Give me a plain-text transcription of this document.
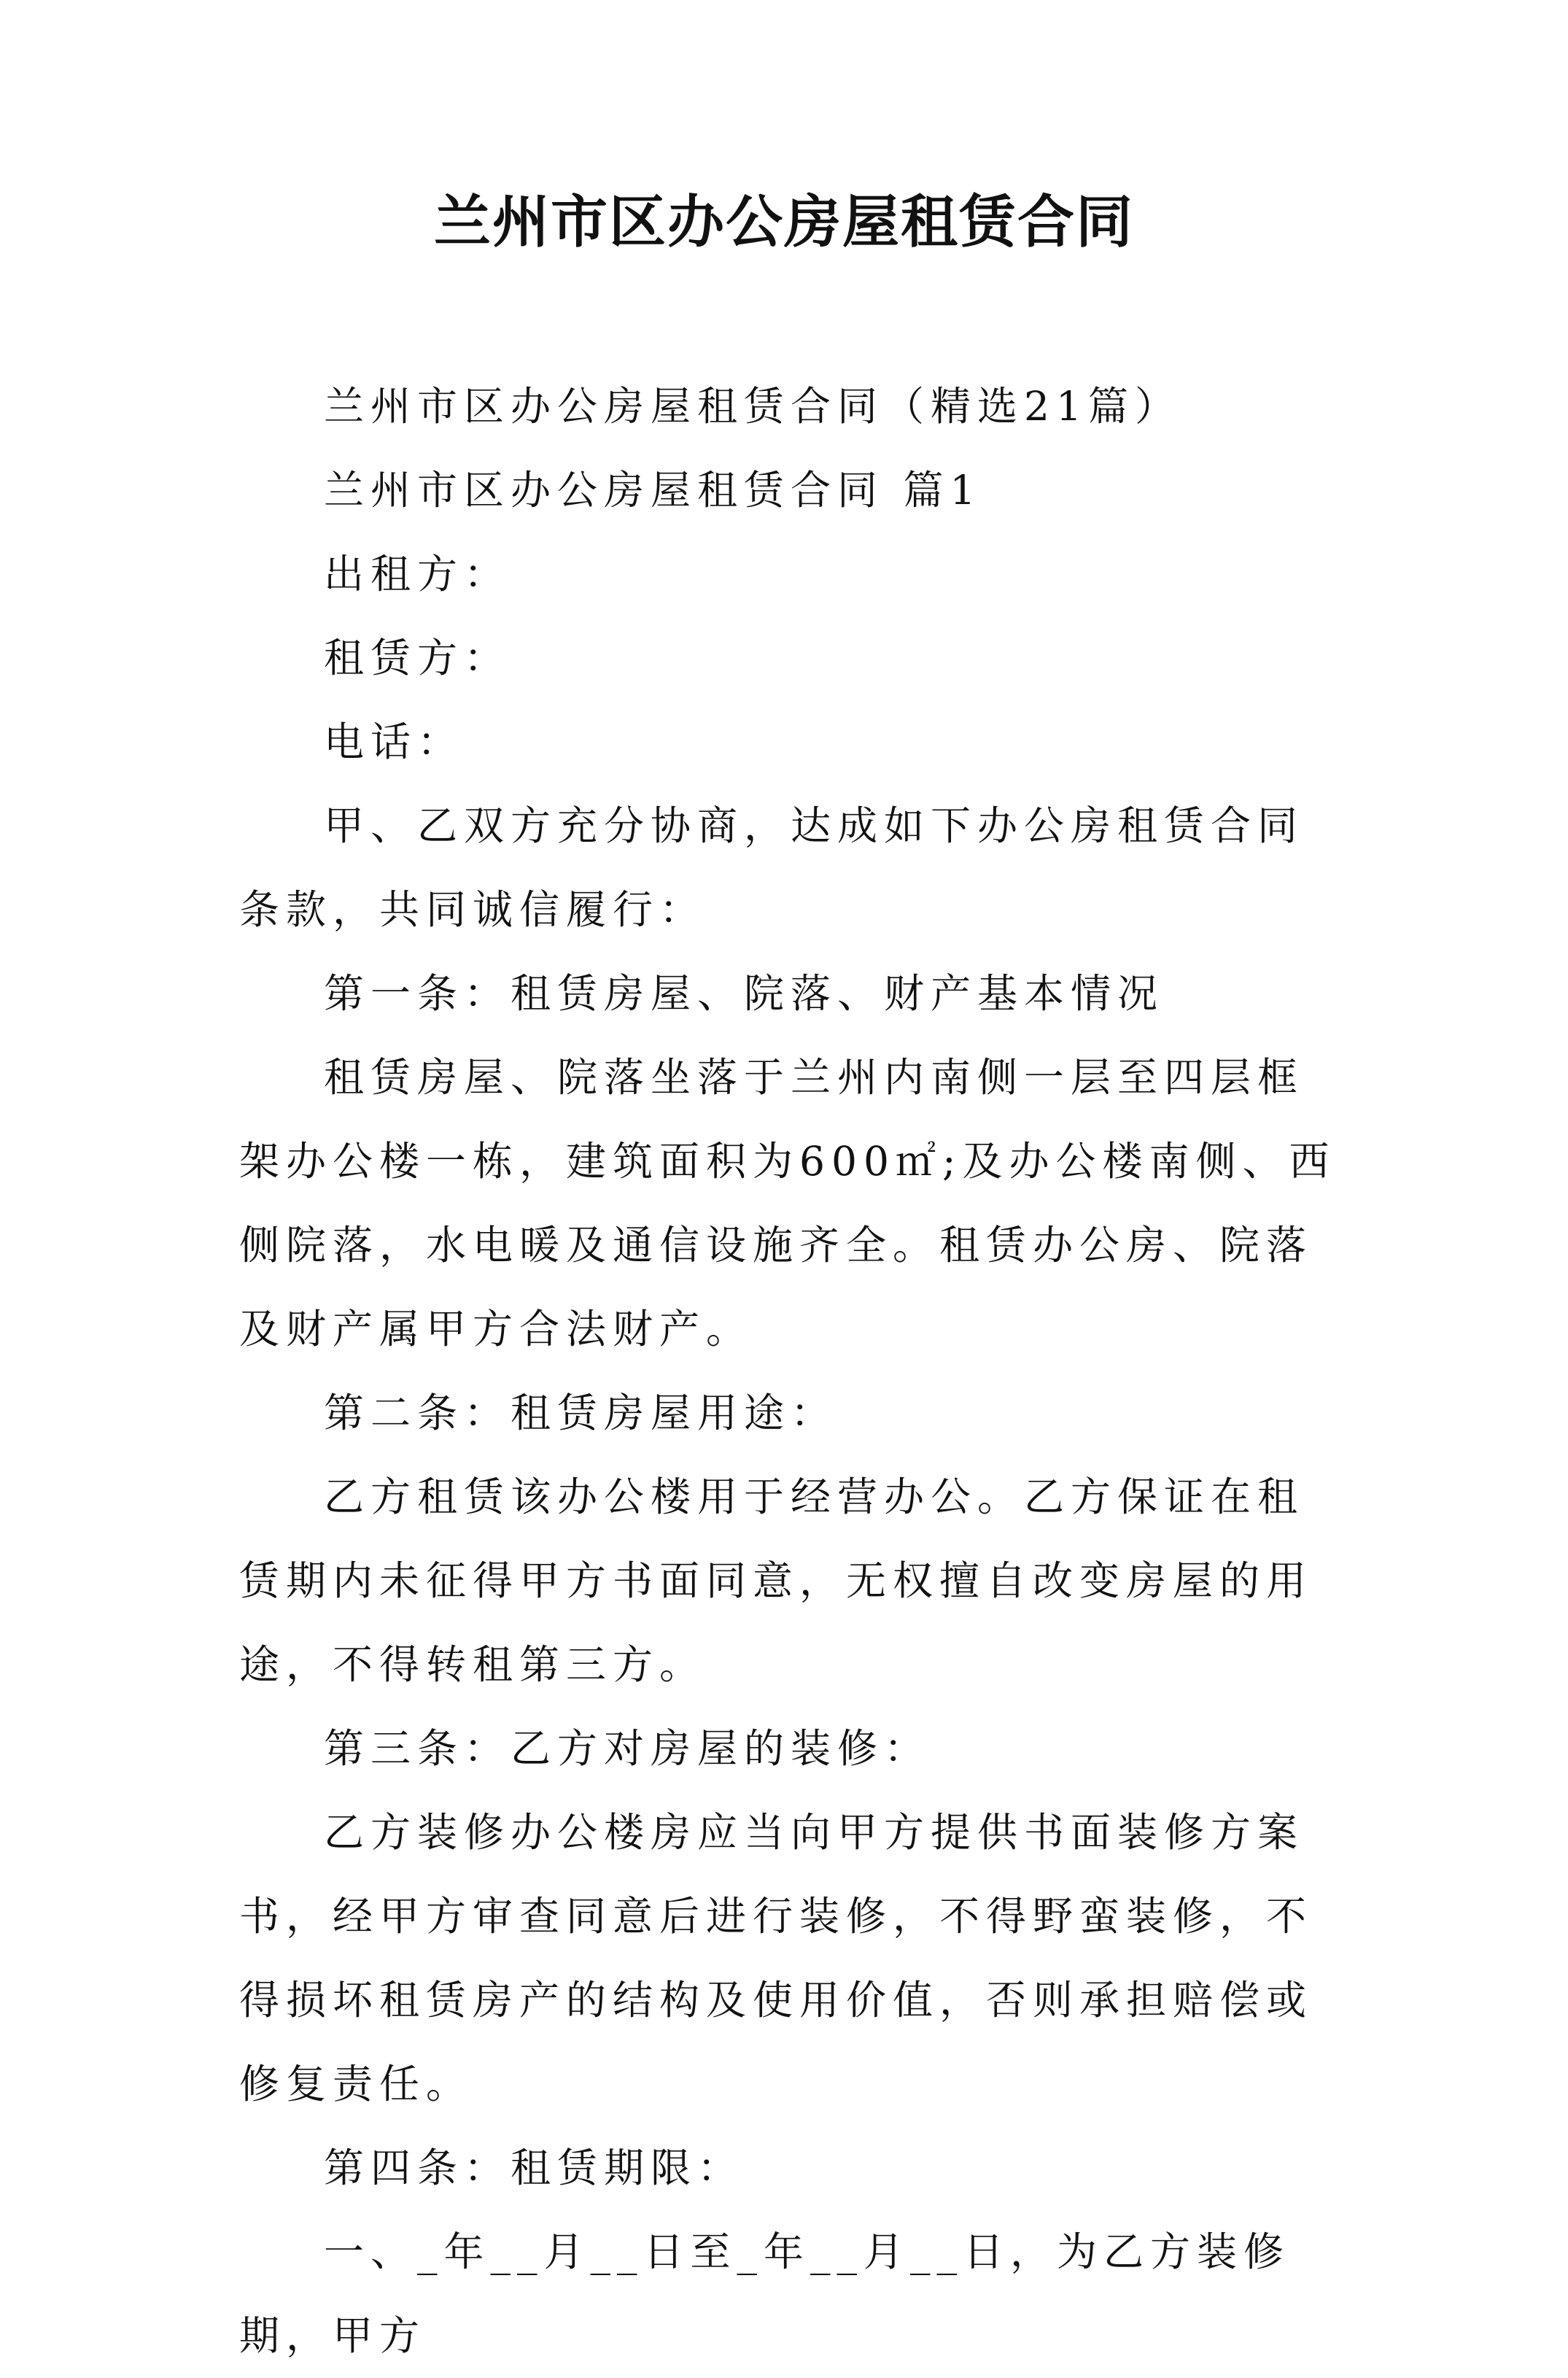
兰州市区办公房屋租赁合同

兰州市区办公房屋租赁合同（精选21篇）

兰州市区办公房屋租赁合同 篇1

出租方：

租赁方：

电话：

甲、乙双方充分协商，达成如下办公房租赁合同条款，共同诚信履行：

第一条：租赁房屋、院落、财产基本情况

租赁房屋、院落坐落于兰州内南侧一层至四层框架办公楼一栋，建筑面积为600㎡;及办公楼南侧、西侧院落，水电暖及通信设施齐全。租赁办公房、院落及财产属甲方合法财产。

第二条：租赁房屋用途：

乙方租赁该办公楼用于经营办公。乙方保证在租赁期内未征得甲方书面同意，无权擅自改变房屋的用途，不得转租第三方。

第三条：乙方对房屋的装修：

乙方装修办公楼房应当向甲方提供书面装修方案书，经甲方审查同意后进行装修，不得野蛮装修，不得损坏租赁房产的结构及使用价值，否则承担赔偿或修复责任。

第四条：租赁期限：

一、_年__月__日至_年__月__日，为乙方装修期，甲方
